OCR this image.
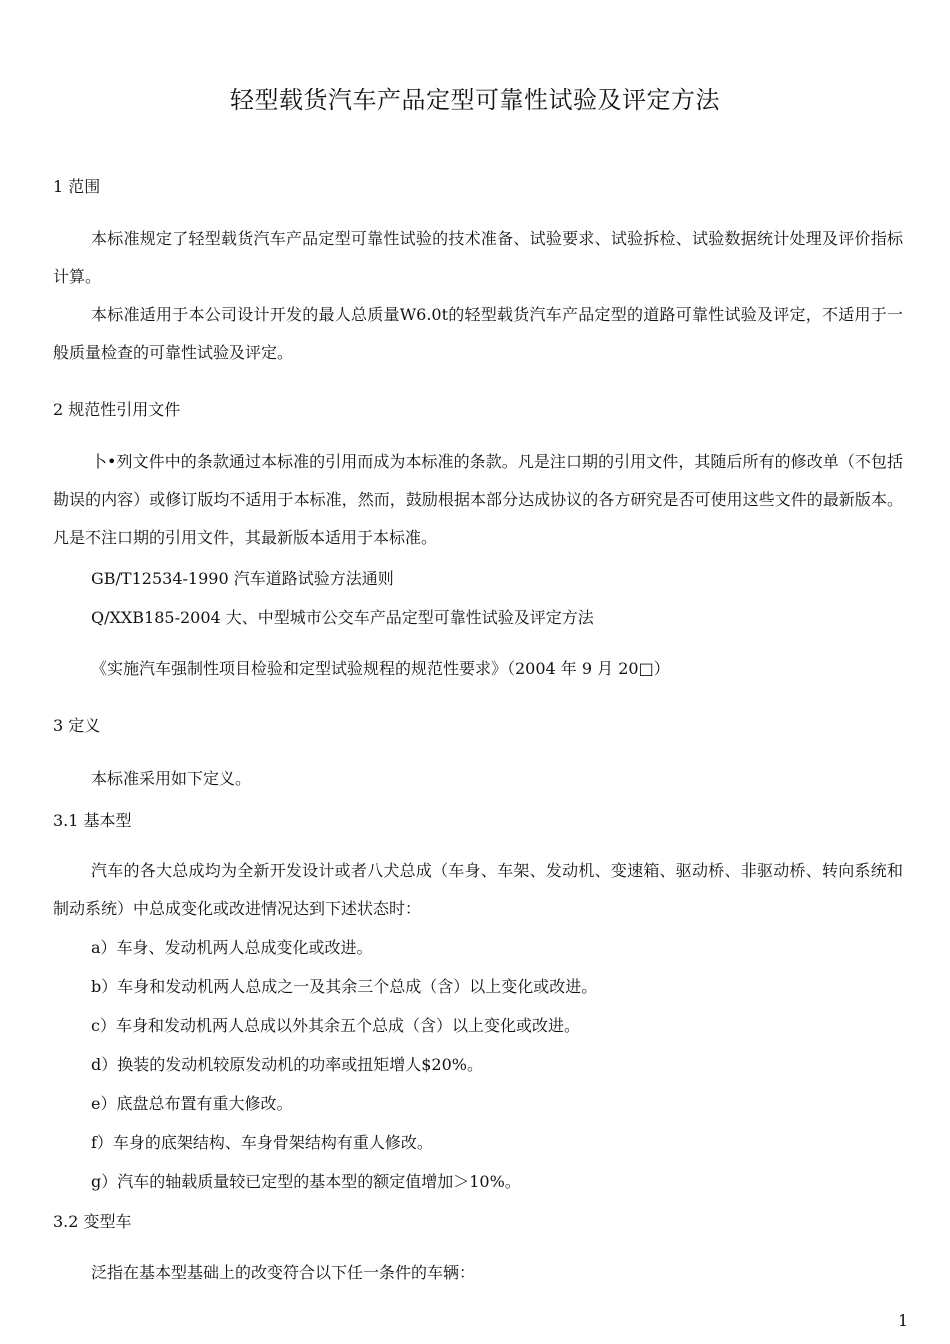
轻型载货汽车产品定型可靠性试验及评定方法
1 范围
本标准规定了轻型载货汽车产品定型可靠性试验的技术准备、试验要求、试验拆检、试验数据统计处理及评价指标计算。
本标准适用于本公司设计开发的最人总质量W6.0t的轻型载货汽车产品定型的道路可靠性试验及评定，不适用于一般质量检查的可靠性试验及评定。
2 规范性引用文件
卜•列文件中的条款通过本标准的引用而成为本标准的条款。凡是注口期的引用文件，其随后所有的修改单（不包括勘误的内容）或修订版均不适用于本标准，然而，鼓励根据本部分达成协议的各方研究是否可使用这些文件的最新版本。凡是不注口期的引用文件，其最新版本适用于本标准。
GB/T12534-1990 汽车道路试验方法通则
Q/XXB185-2004 大、中型城市公交车产品定型可靠性试验及评定方法
《实施汽车强制性项目检验和定型试验规程的规范性要求》（2004 年 9 月 20□）
3 定义
本标准采用如下定义。
3.1 基本型
汽车的各大总成均为全新开发设计或者八犬总成（车身、车架、发动机、变速箱、驱动桥、非驱动桥、转向系统和制动系统）中总成变化或改进情况达到下述状态时：
a）车身、发动机两人总成变化或改进。
b）车身和发动机两人总成之一及其余三个总成（含）以上变化或改进。
c）车身和发动机两人总成以外其余五个总成（含）以上变化或改进。
d）换装的发动机较原发动机的功率或扭矩增人$20%。
e）底盘总布置有重大修改。
f）车身的底架结构、车身骨架结构有重人修改。
g）汽车的轴载质量较已定型的基本型的额定值增加＞10%。
3.2 变型车
泛指在基本型基础上的改变符合以下任一条件的车辆：
1
